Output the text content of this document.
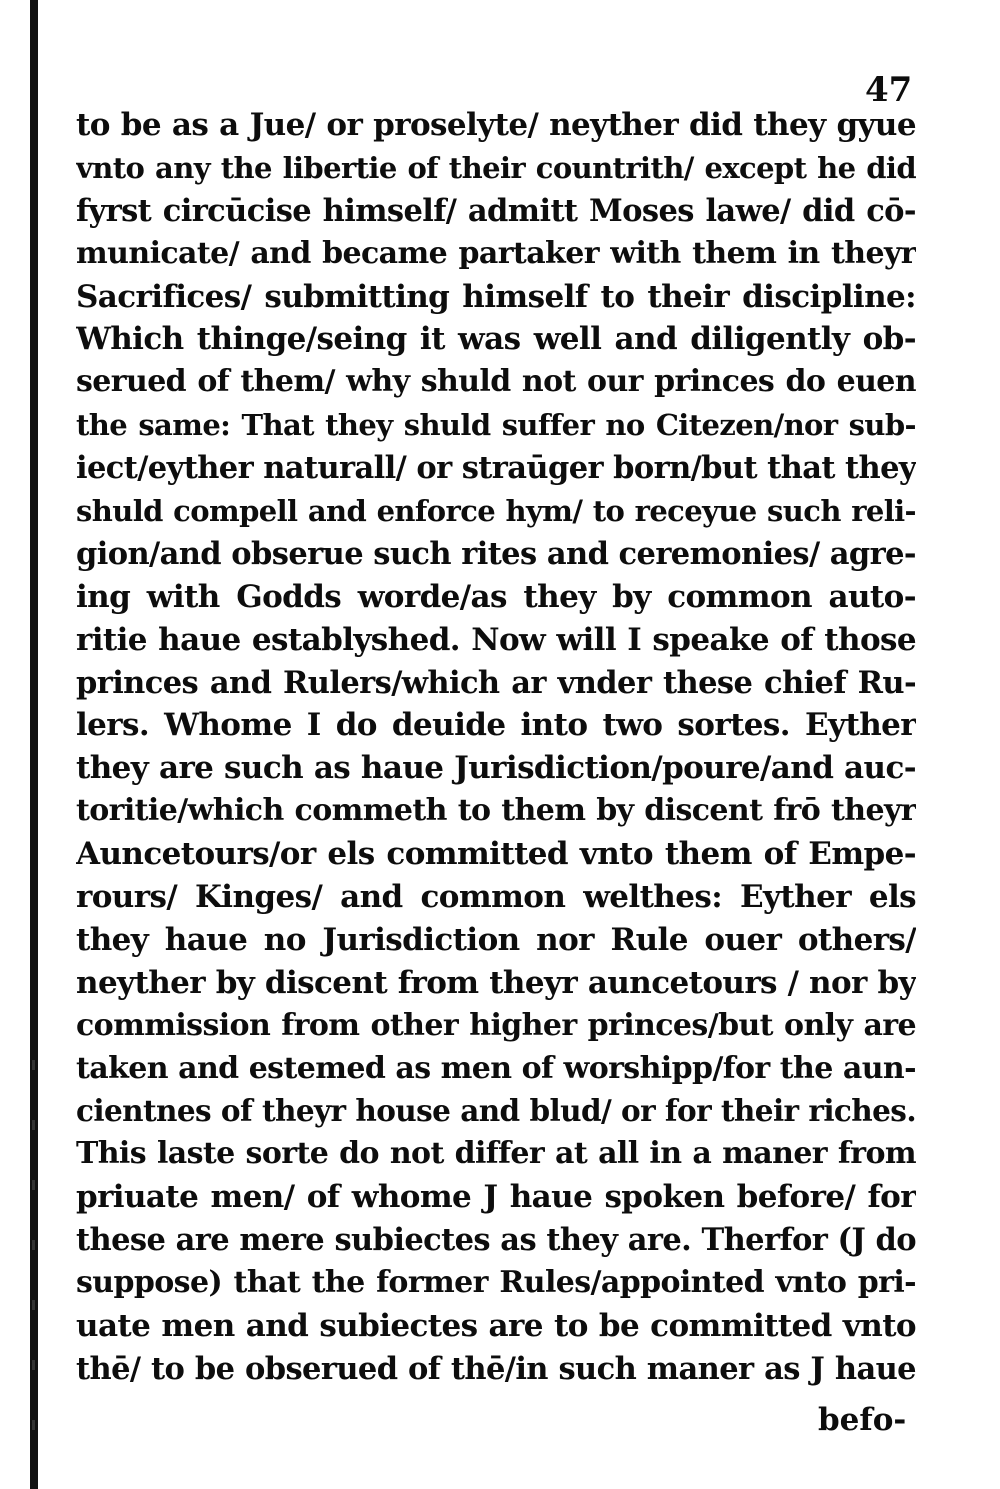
47
to be as a Jue/ or proselyte/ neyther did they gyue
vnto any the libertie of their countrith/ except he did
fyrst circūcise himself/ admitt Moses lawe/ did cō-
municate/ and became partaker with them in theyr
Sacrifices/ submitting himself to their discipline:
Which thinge/seing it was well and diligently ob-
serued of them/ why shuld not our princes do euen
the same: That they shuld suffer no Citezen/nor sub-
iect/eyther naturall/ or straūger born/but that they
shuld compell and enforce hym/ to receyue such reli-
gion/and obserue such rites and ceremonies/ agre-
ing with Godds worde/as they by common auto-
ritie haue establyshed. Now will I speake of those
princes and Rulers/which ar vnder these chief Ru-
lers. Whome I do deuide into two sortes. Eyther
they are such as haue Jurisdiction/poure/and auc-
toritie/which commeth to them by discent frō theyr
Auncetours/or els committed vnto them of Empe-
rours/ Kinges/ and common welthes: Eyther els
they haue no Jurisdiction nor Rule ouer others/
neyther by discent from theyr auncetours / nor by
commission from other higher princes/but only are
taken and estemed as men of worshipp/for the aun-
cientnes of theyr house and blud/ or for their riches.
This laste sorte do not differ at all in a maner from
priuate men/ of whome J haue spoken before/ for
these are mere subiectes as they are. Therfor (J do
suppose) that the former Rules/appointed vnto pri-
uate men and subiectes are to be committed vnto
thē/ to be obserued of thē/in such maner as J haue
befo-
